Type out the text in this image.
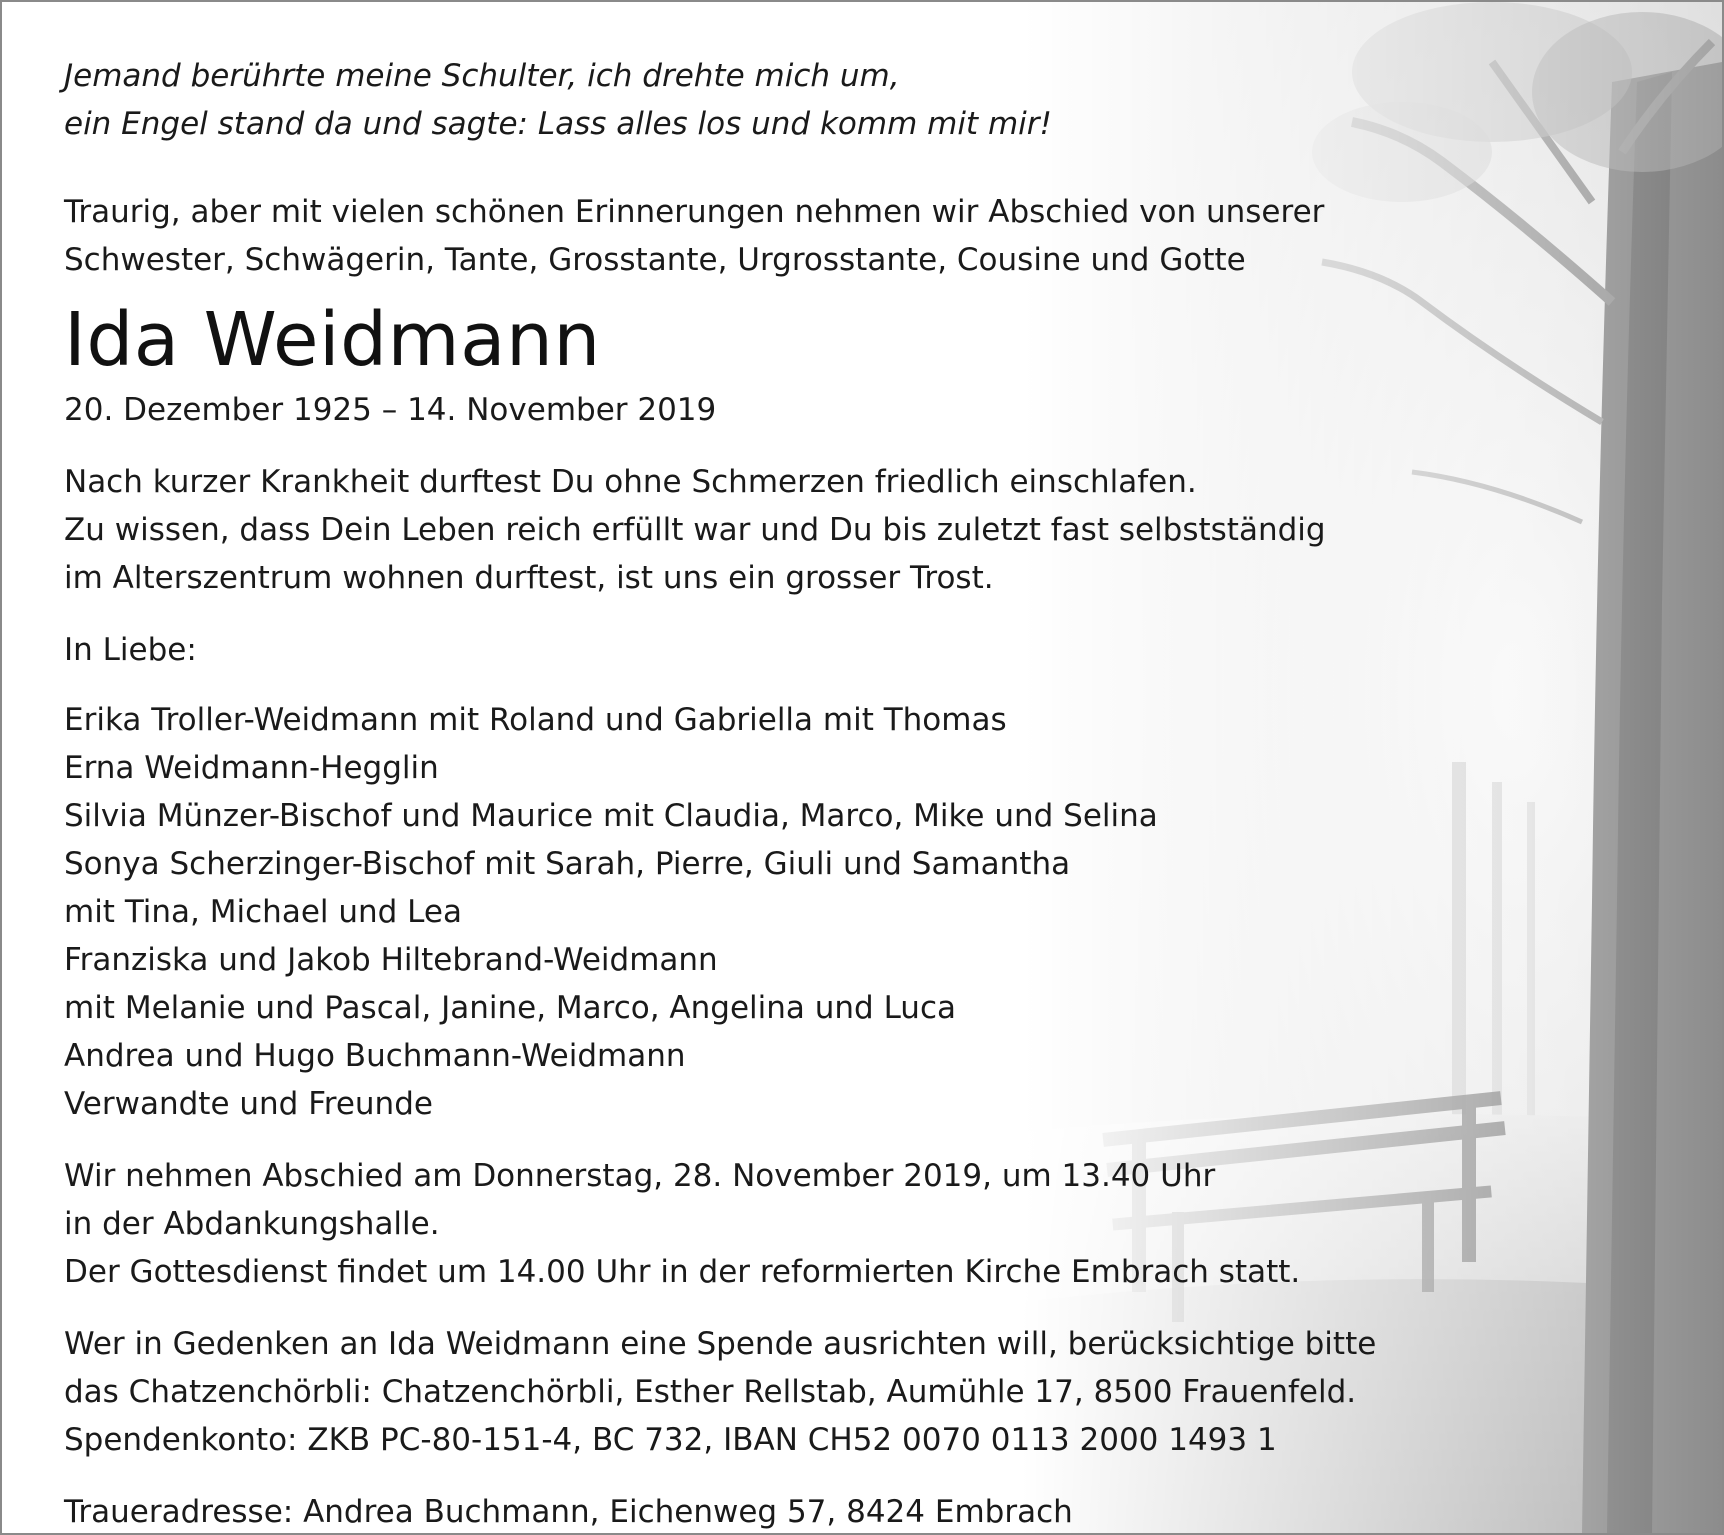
Jemand berührte meine Schulter, ich drehte mich um,
ein Engel stand da und sagte: Lass alles los und komm mit mir!

Traurig, aber mit vielen schönen Erinnerungen nehmen wir Abschied von unserer
Schwester, Schwägerin, Tante, Grosstante, Urgrosstante, Cousine und Gotte

Ida Weidmann

20. Dezember 1925 – 14. November 2019

Nach kurzer Krankheit durftest Du ohne Schmerzen friedlich einschlafen.
Zu wissen, dass Dein Leben reich erfüllt war und Du bis zuletzt fast selbstständig
im Alterszentrum wohnen durftest, ist uns ein grosser Trost.

In Liebe:

Erika Troller-Weidmann mit Roland und Gabriella mit Thomas
Erna Weidmann-Hegglin
Silvia Münzer-Bischof und Maurice mit Claudia, Marco, Mike und Selina
Sonya Scherzinger-Bischof mit Sarah, Pierre, Giuli und Samantha
mit Tina, Michael und Lea
Franziska und Jakob Hiltebrand-Weidmann
mit Melanie und Pascal, Janine, Marco, Angelina und Luca
Andrea und Hugo Buchmann-Weidmann
Verwandte und Freunde

Wir nehmen Abschied am Donnerstag, 28. November 2019, um 13.40 Uhr
in der Abdankungshalle.
Der Gottesdienst findet um 14.00 Uhr in der reformierten Kirche Embrach statt.

Wer in Gedenken an Ida Weidmann eine Spende ausrichten will, berücksichtige bitte
das Chatzenchörbli: Chatzenchörbli, Esther Rellstab, Aumühle 17, 8500 Frauenfeld.
Spendenkonto: ZKB PC-80-151-4, BC 732, IBAN CH52 0070 0113 2000 1493 1

Traueradresse: Andrea Buchmann, Eichenweg 57, 8424 Embrach
